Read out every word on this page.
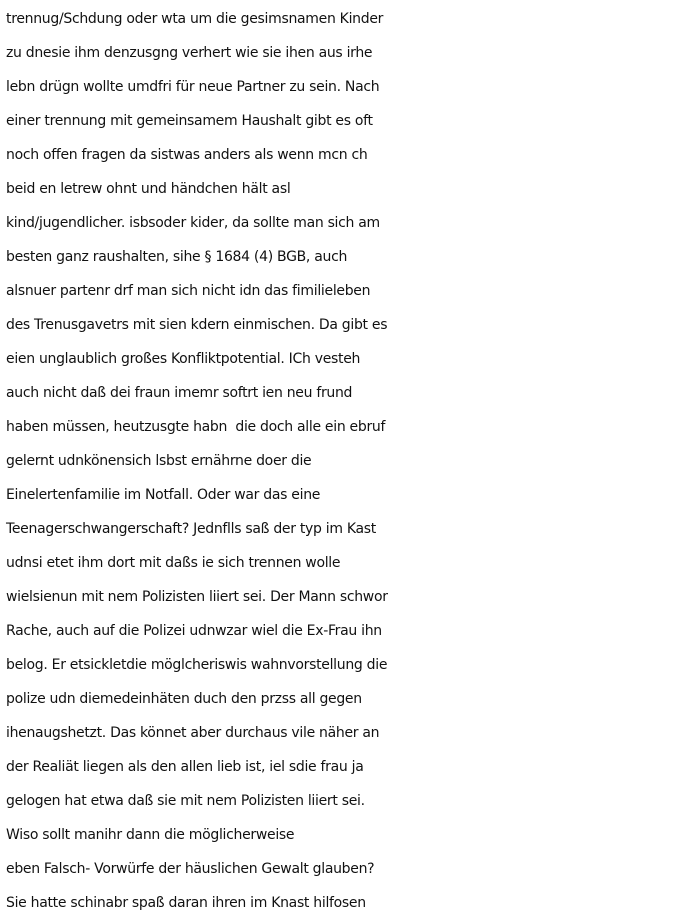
trennug/Schdung oder wta um die gesimsnamen Kinder
zu dnesie ihm denzusgng verhert wie sie ihen aus irhe
lebn drügn wollte umdfri für neue Partner zu sein. Nach
einer trennung mit gemeinsamem Haushalt gibt es oft
noch offen fragen da sistwas anders als wenn mcn ch
beid en letrew ohnt und händchen hält asl
kind/jugendlicher. isbsoder kider, da sollte man sich am
besten ganz raushalten, sihe § 1684 (4) BGB, auch
alsnuer partenr drf man sich nicht idn das fimilieleben
des Trenusgavetrs mit sien kdern einmischen. Da gibt es
eien unglaublich großes Konfliktpotential. ICh vesteh
auch nicht daß dei fraun imemr softrt ien neu frund
haben müssen, heutzusgte habn  die doch alle ein ebruf
gelernt udnkönensich lsbst ernährne doer die
Einelertenfamilie im Notfall. Oder war das eine
Teenagerschwangerschaft? Jednflls saß der typ im Kast
udnsi etet ihm dort mit daßs ie sich trennen wolle
wielsienun mit nem Polizisten liiert sei. Der Mann schwor
Rache, auch auf die Polizei udnwzar wiel die Ex-Frau ihn
belog. Er etsickletdie möglcheriswis wahnvorstellung die
polize udn diemedeinhäten duch den przss all gegen
ihenaugshetzt. Das könnet aber durchaus vile näher an
der Realiät liegen als den allen lieb ist, iel sdie frau ja
gelogen hat etwa daß sie mit nem Polizisten liiert sei.
Wiso sollt manihr dann die möglicherweise
eben Falsch- Vorwürfe der häuslichen Gewalt glauben?
Sie hatte schinabr spaß daran ihren im Knast hilfosen
